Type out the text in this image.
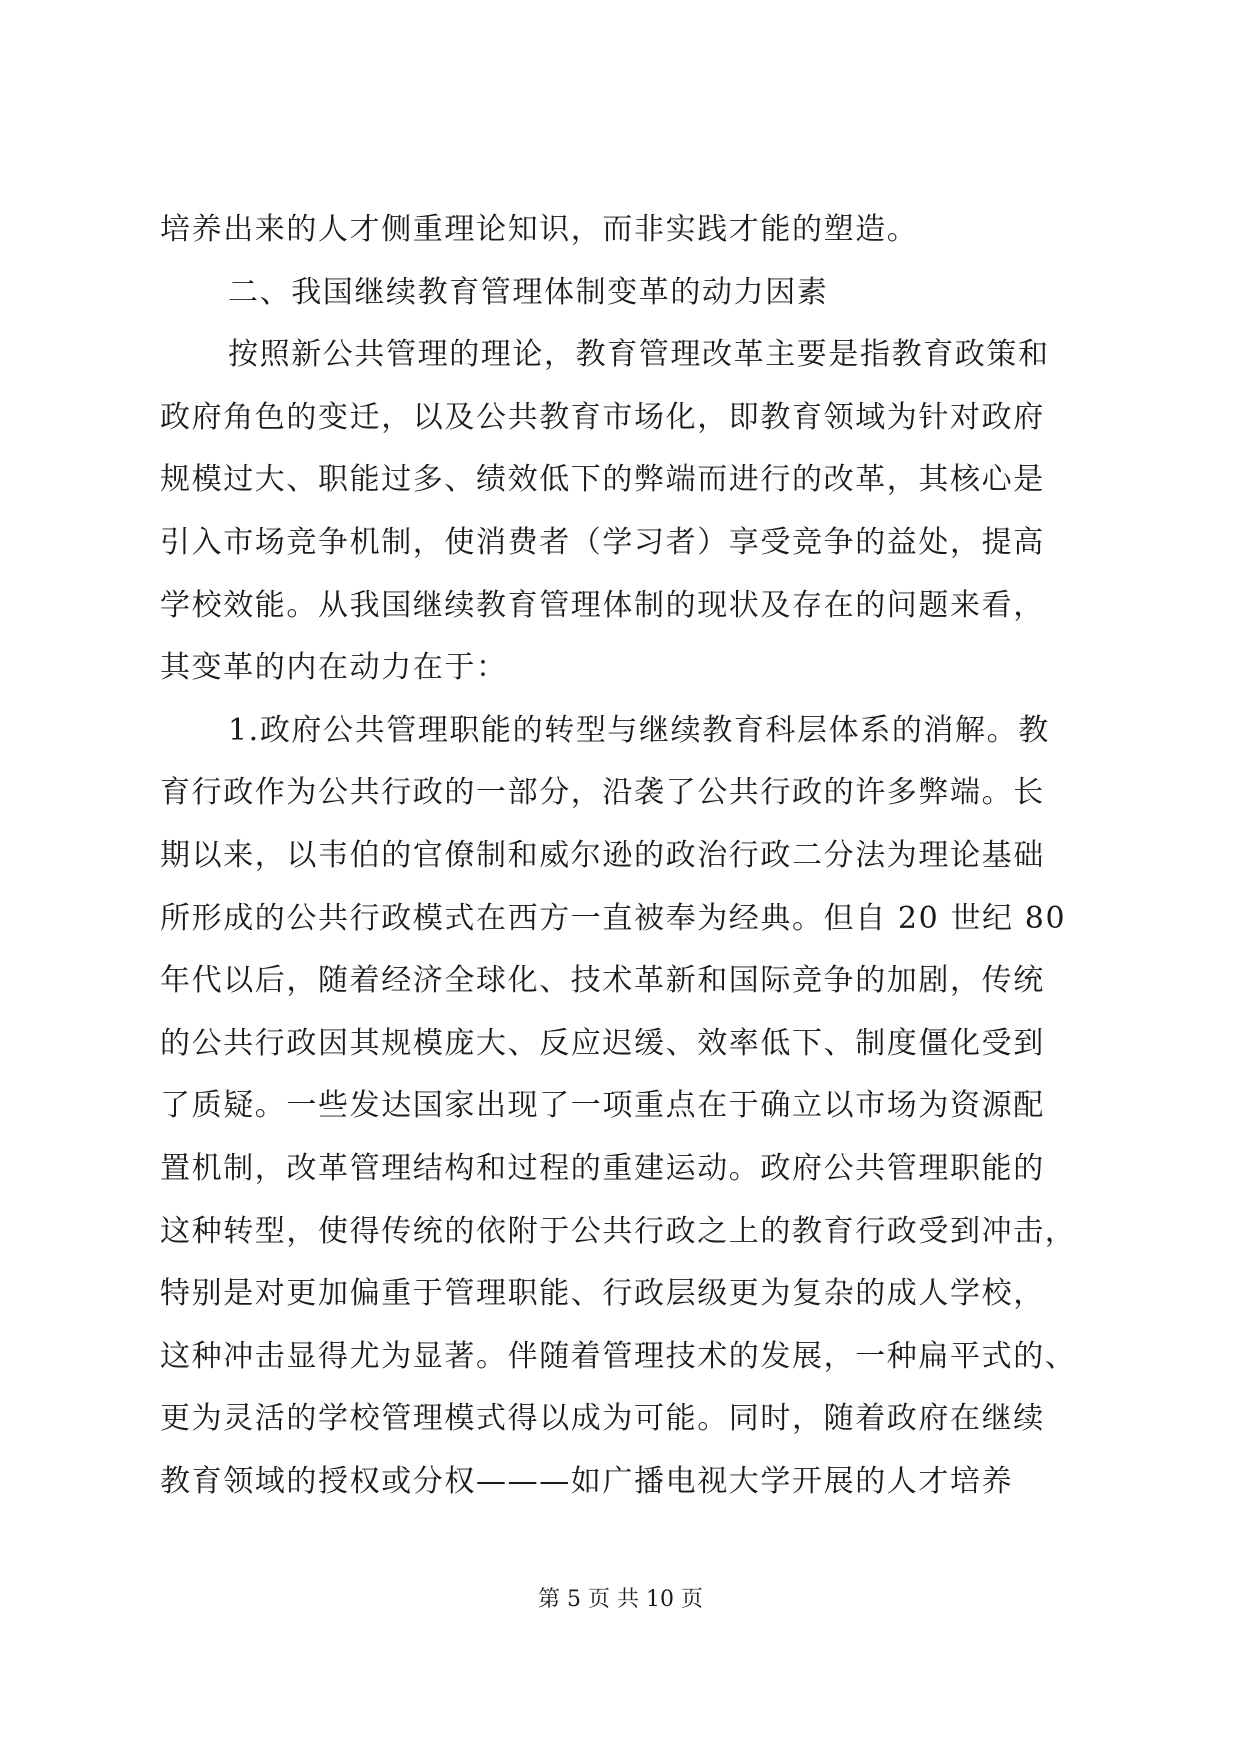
培养出来的人才侧重理论知识，而非实践才能的塑造。
二、我国继续教育管理体制变革的动力因素
按照新公共管理的理论，教育管理改革主要是指教育政策和
政府角色的变迁，以及公共教育市场化，即教育领域为针对政府
规模过大、职能过多、绩效低下的弊端而进行的改革，其核心是
引入市场竞争机制，使消费者（学习者）享受竞争的益处，提高
学校效能。从我国继续教育管理体制的现状及存在的问题来看，
其变革的内在动力在于：
1.政府公共管理职能的转型与继续教育科层体系的消解。教
育行政作为公共行政的一部分，沿袭了公共行政的许多弊端。长
期以来，以韦伯的官僚制和威尔逊的政治行政二分法为理论基础
所形成的公共行政模式在西方一直被奉为经典。但自 20 世纪 80
年代以后，随着经济全球化、技术革新和国际竞争的加剧，传统
的公共行政因其规模庞大、反应迟缓、效率低下、制度僵化受到
了质疑。一些发达国家出现了一项重点在于确立以市场为资源配
置机制，改革管理结构和过程的重建运动。政府公共管理职能的
这种转型，使得传统的依附于公共行政之上的教育行政受到冲击，
特别是对更加偏重于管理职能、行政层级更为复杂的成人学校，
这种冲击显得尤为显著。伴随着管理技术的发展，一种扁平式的、
更为灵活的学校管理模式得以成为可能。同时，随着政府在继续
教育领域的授权或分权———如广播电视大学开展的人才培养
第 5 页 共 10 页
